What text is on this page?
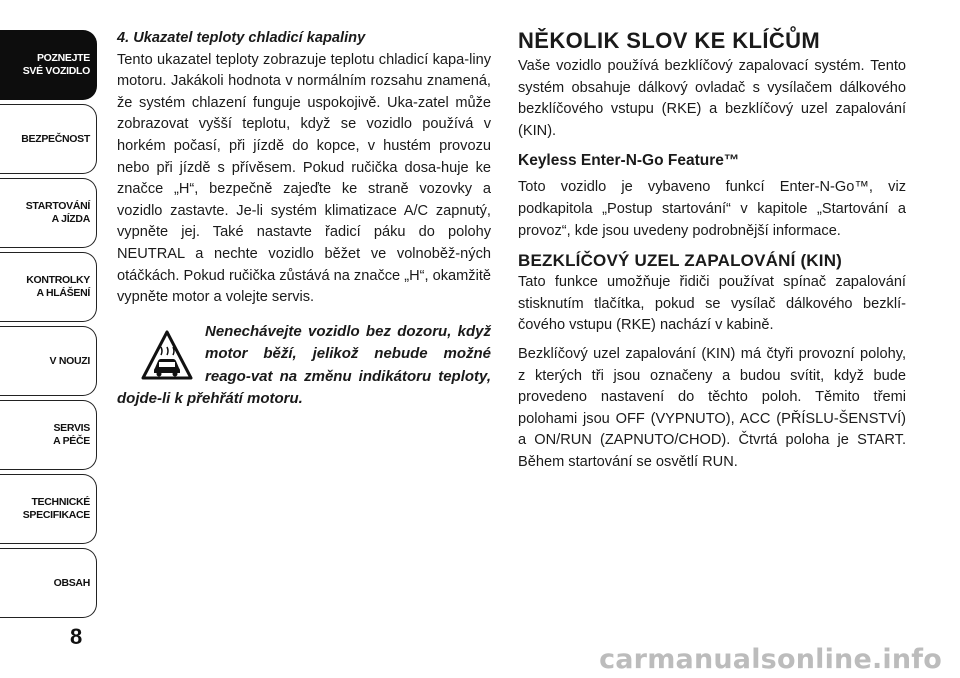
POZNEJTE
SVÉ VOZIDLO
BEZPEČNOST
STARTOVÁNÍ
A JÍZDA
KONTROLKY
A HLÁŠENÍ
V NOUZI
SERVIS
A PÉČE
TECHNICKÉ
SPECIFIKACE
OBSAH
8

4. Ukazatel teploty chladicí kapaliny

Tento ukazatel teploty zobrazuje teplotu chladicí kapa-liny motoru. Jakákoli hodnota v normálním rozsahu znamená, že systém chlazení funguje uspokojivě. Uka-zatel může zobrazovat vyšší teplotu, když se vozidlo používá v horkém počasí, při jízdě do kopce, v hustém provozu nebo při jízdě s přívěsem. Pokud ručička dosa-huje ke značce „H“, bezpečně zajeďte ke straně vozovky a vozidlo zastavte. Je-li systém klimatizace A/C zapnutý, vypněte jej. Také nastavte řadicí páku do polohy NEUTRAL a nechte vozidlo běžet ve volnoběž-ných otáčkách. Pokud ručička zůstává na značce „H“, okamžitě vypněte motor a volejte servis.

Nenechávejte vozidlo bez dozoru, když motor běží, jelikož nebude možné reago-vat na změnu indikátoru teploty, dojde-li k přehřátí motoru.

NĚKOLIK SLOV KE KLÍČŮM

Vaše vozidlo používá bezklíčový zapalovací systém. Tento systém obsahuje dálkový ovladač s vysílačem dálkového bezklíčového vstupu (RKE) a bezklíčový uzel zapalování (KIN).

Keyless Enter-N-Go Feature™

Toto vozidlo je vybaveno funkcí Enter-N-Go™, viz podkapitola „Postup startování“ v kapitole „Startování a provoz“, kde jsou uvedeny podrobnější informace.

BEZKLÍČOVÝ UZEL ZAPALOVÁNÍ (KIN)

Tato funkce umožňuje řidiči používat spínač zapalování stisknutím tlačítka, pokud se vysílač dálkového bezklí-čového vstupu (RKE) nachází v kabině.

Bezklíčový uzel zapalování (KIN) má čtyři provozní polohy, z kterých tři jsou označeny a budou svítit, když bude provedeno nastavení do těchto poloh. Těmito třemi polohami jsou OFF (VYPNUTO), ACC (PŘÍSLU-ŠENSTVÍ) a ON/RUN (ZAPNUTO/CHOD). Čtvrtá poloha je START. Během startování se osvětlí RUN.

carmanualsonline.info
